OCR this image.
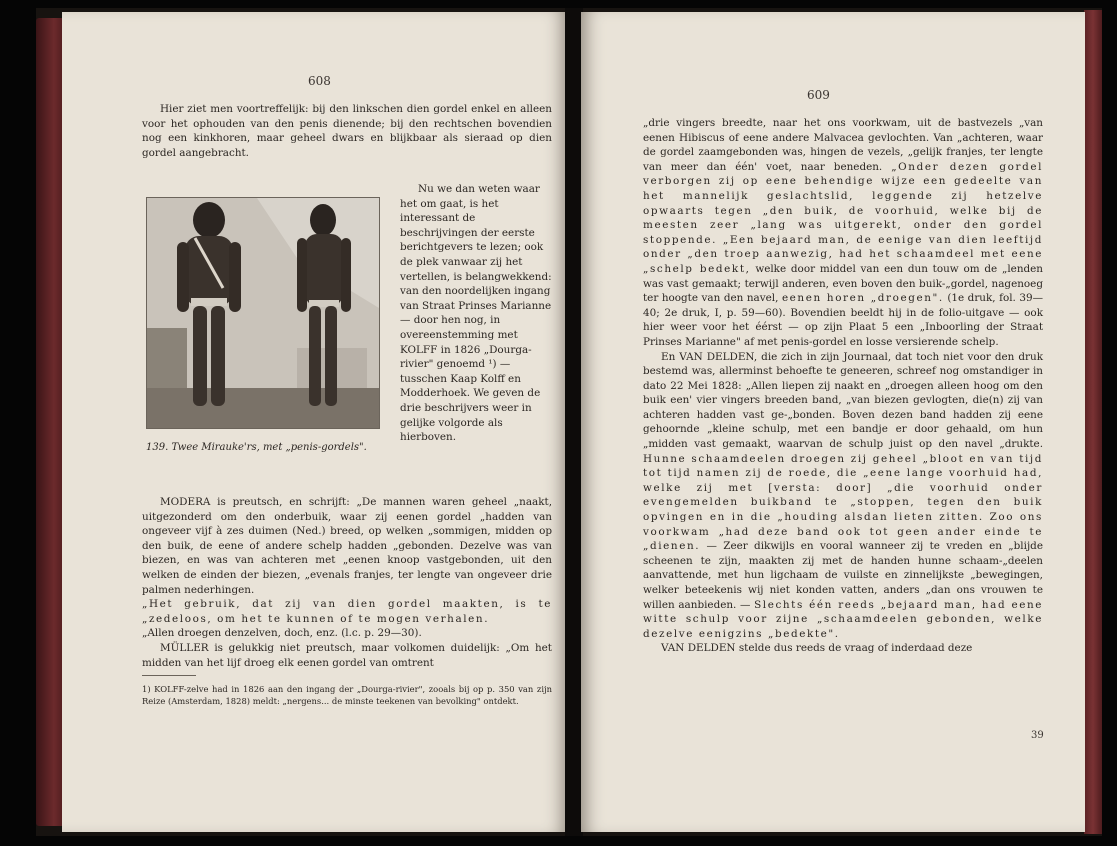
608

Hier ziet men voortreffelijk: bij den linkschen dien gordel enkel en alleen voor het ophouden van den penis dienende; bij den rechtschen bovendien nog een kinkhoren, maar geheel dwars en blijkbaar als sieraad op dien gordel aangebracht.

Nu we dan weten waar het om gaat, is het interessant de beschrijvingen der eerste berichtgevers te lezen; ook de plek vanwaar zij het vertellen, is belangwekkend: van den noordelijken ingang van Straat Prinses Marianne — door hen nog, in overeenstemming met KOLFF in 1826 „Dourga-rivier" genoemd ¹) — tusschen Kaap Kolff en Modderhoek. We geven de drie beschrijvers weer in gelijke volgorde als hierboven.

139. Twee Mirauke'rs, met „penis-gordels".

MODERA is preutsch, en schrijft: „De mannen waren geheel „naakt, uitgezonderd om den onderbuik, waar zij eenen gordel „hadden van ongeveer vijf à zes duimen (Ned.) breed, op welken „sommigen, midden op den buik, de eene of andere schelp hadden „gebonden. Dezelve was van biezen, en was van achteren met „eenen knoop vastgebonden, uit den welken de einden der biezen, „evenals franjes, ter lengte van ongeveer drie palmen nederhingen.

„Het gebruik, dat zij van dien gordel maakten, is te „zedeloos, om het te kunnen of te mogen verhalen.

„Allen droegen denzelven, doch, enz. (l.c. p. 29—30).

MÜLLER is gelukkig niet preutsch, maar volkomen duidelijk: „Om het midden van het lijf droeg elk eenen gordel van omtrent

1) KOLFF-zelve had in 1826 aan den ingang der „Dourga-rivier", zooals bij op p. 350 van zijn Reize (Amsterdam, 1828) meldt: „nergens... de minste teekenen van bevolking" ontdekt.
609

„drie vingers breedte, naar het ons voorkwam, uit de bastvezels „van eenen Hibiscus of eene andere Malvacea gevlochten. Van „achteren, waar de gordel zaamgebonden was, hingen de vezels, „gelijk franjes, ter lengte van meer dan één' voet, naar beneden. „Onder dezen gordel verborgen zij op eene behendige wijze een gedeelte van het mannelijk geslachtslid, leggende zij hetzelve opwaarts tegen „den buik, de voorhuid, welke bij de meesten zeer „lang was uitgerekt, onder den gordel stoppende. „Een bejaard man, de eenige van dien leeftijd onder „den troep aanwezig, had het schaamdeel met eene „schelp bedekt, welke door middel van een dun touw om de „lenden was vast gemaakt; terwijl anderen, even boven den buik-„gordel, nagenoeg ter hoogte van den navel, eenen horen „droegen". (1e druk, fol. 39—40; 2e druk, I, p. 59—60). Bovendien beeldt hij in de folio-uitgave — ook hier weer voor het éérst — op zijn Plaat 5 een „Inboorling der Straat Prinses Marianne" af met penis-gordel en losse versierende schelp.

En VAN DELDEN, die zich in zijn Journaal, dat toch niet voor den druk bestemd was, allerminst behoefte te geneeren, schreef nog omstandiger in dato 22 Mei 1828: „Allen liepen zij naakt en „droegen alleen hoog om den buik een' vier vingers breeden band, „van biezen gevlogten, die(n) zij van achteren hadden vast ge-„bonden. Boven dezen band hadden zij eene gehoornde „kleine schulp, met een bandje er door gehaald, om hun „midden vast gemaakt, waarvan de schulp juist op den navel „drukte. Hunne schaamdeelen droegen zij geheel „bloot en van tijd tot tijd namen zij de roede, die „eene lange voorhuid had, welke zij met [versta: door] „die voorhuid onder evengemelden buikband te „stoppen, tegen den buik opvingen en in die „houding alsdan lieten zitten. Zoo ons voorkwam „had deze band ook tot geen ander einde te „dienen. — Zeer dikwijls en vooral wanneer zij te vreden en „blijde scheenen te zijn, maakten zij met de handen hunne schaam-„deelen aanvattende, met hun ligchaam de vuilste en zinnelijkste „bewegingen, welker beteekenis wij niet konden vatten, anders „dan ons vrouwen te willen aanbieden. — Slechts één reeds „bejaard man, had eene witte schulp voor zijne „schaamdeelen gebonden, welke dezelve eenigzins „bedekte".

VAN DELDEN stelde dus reeds de vraag of inderdaad deze

39
